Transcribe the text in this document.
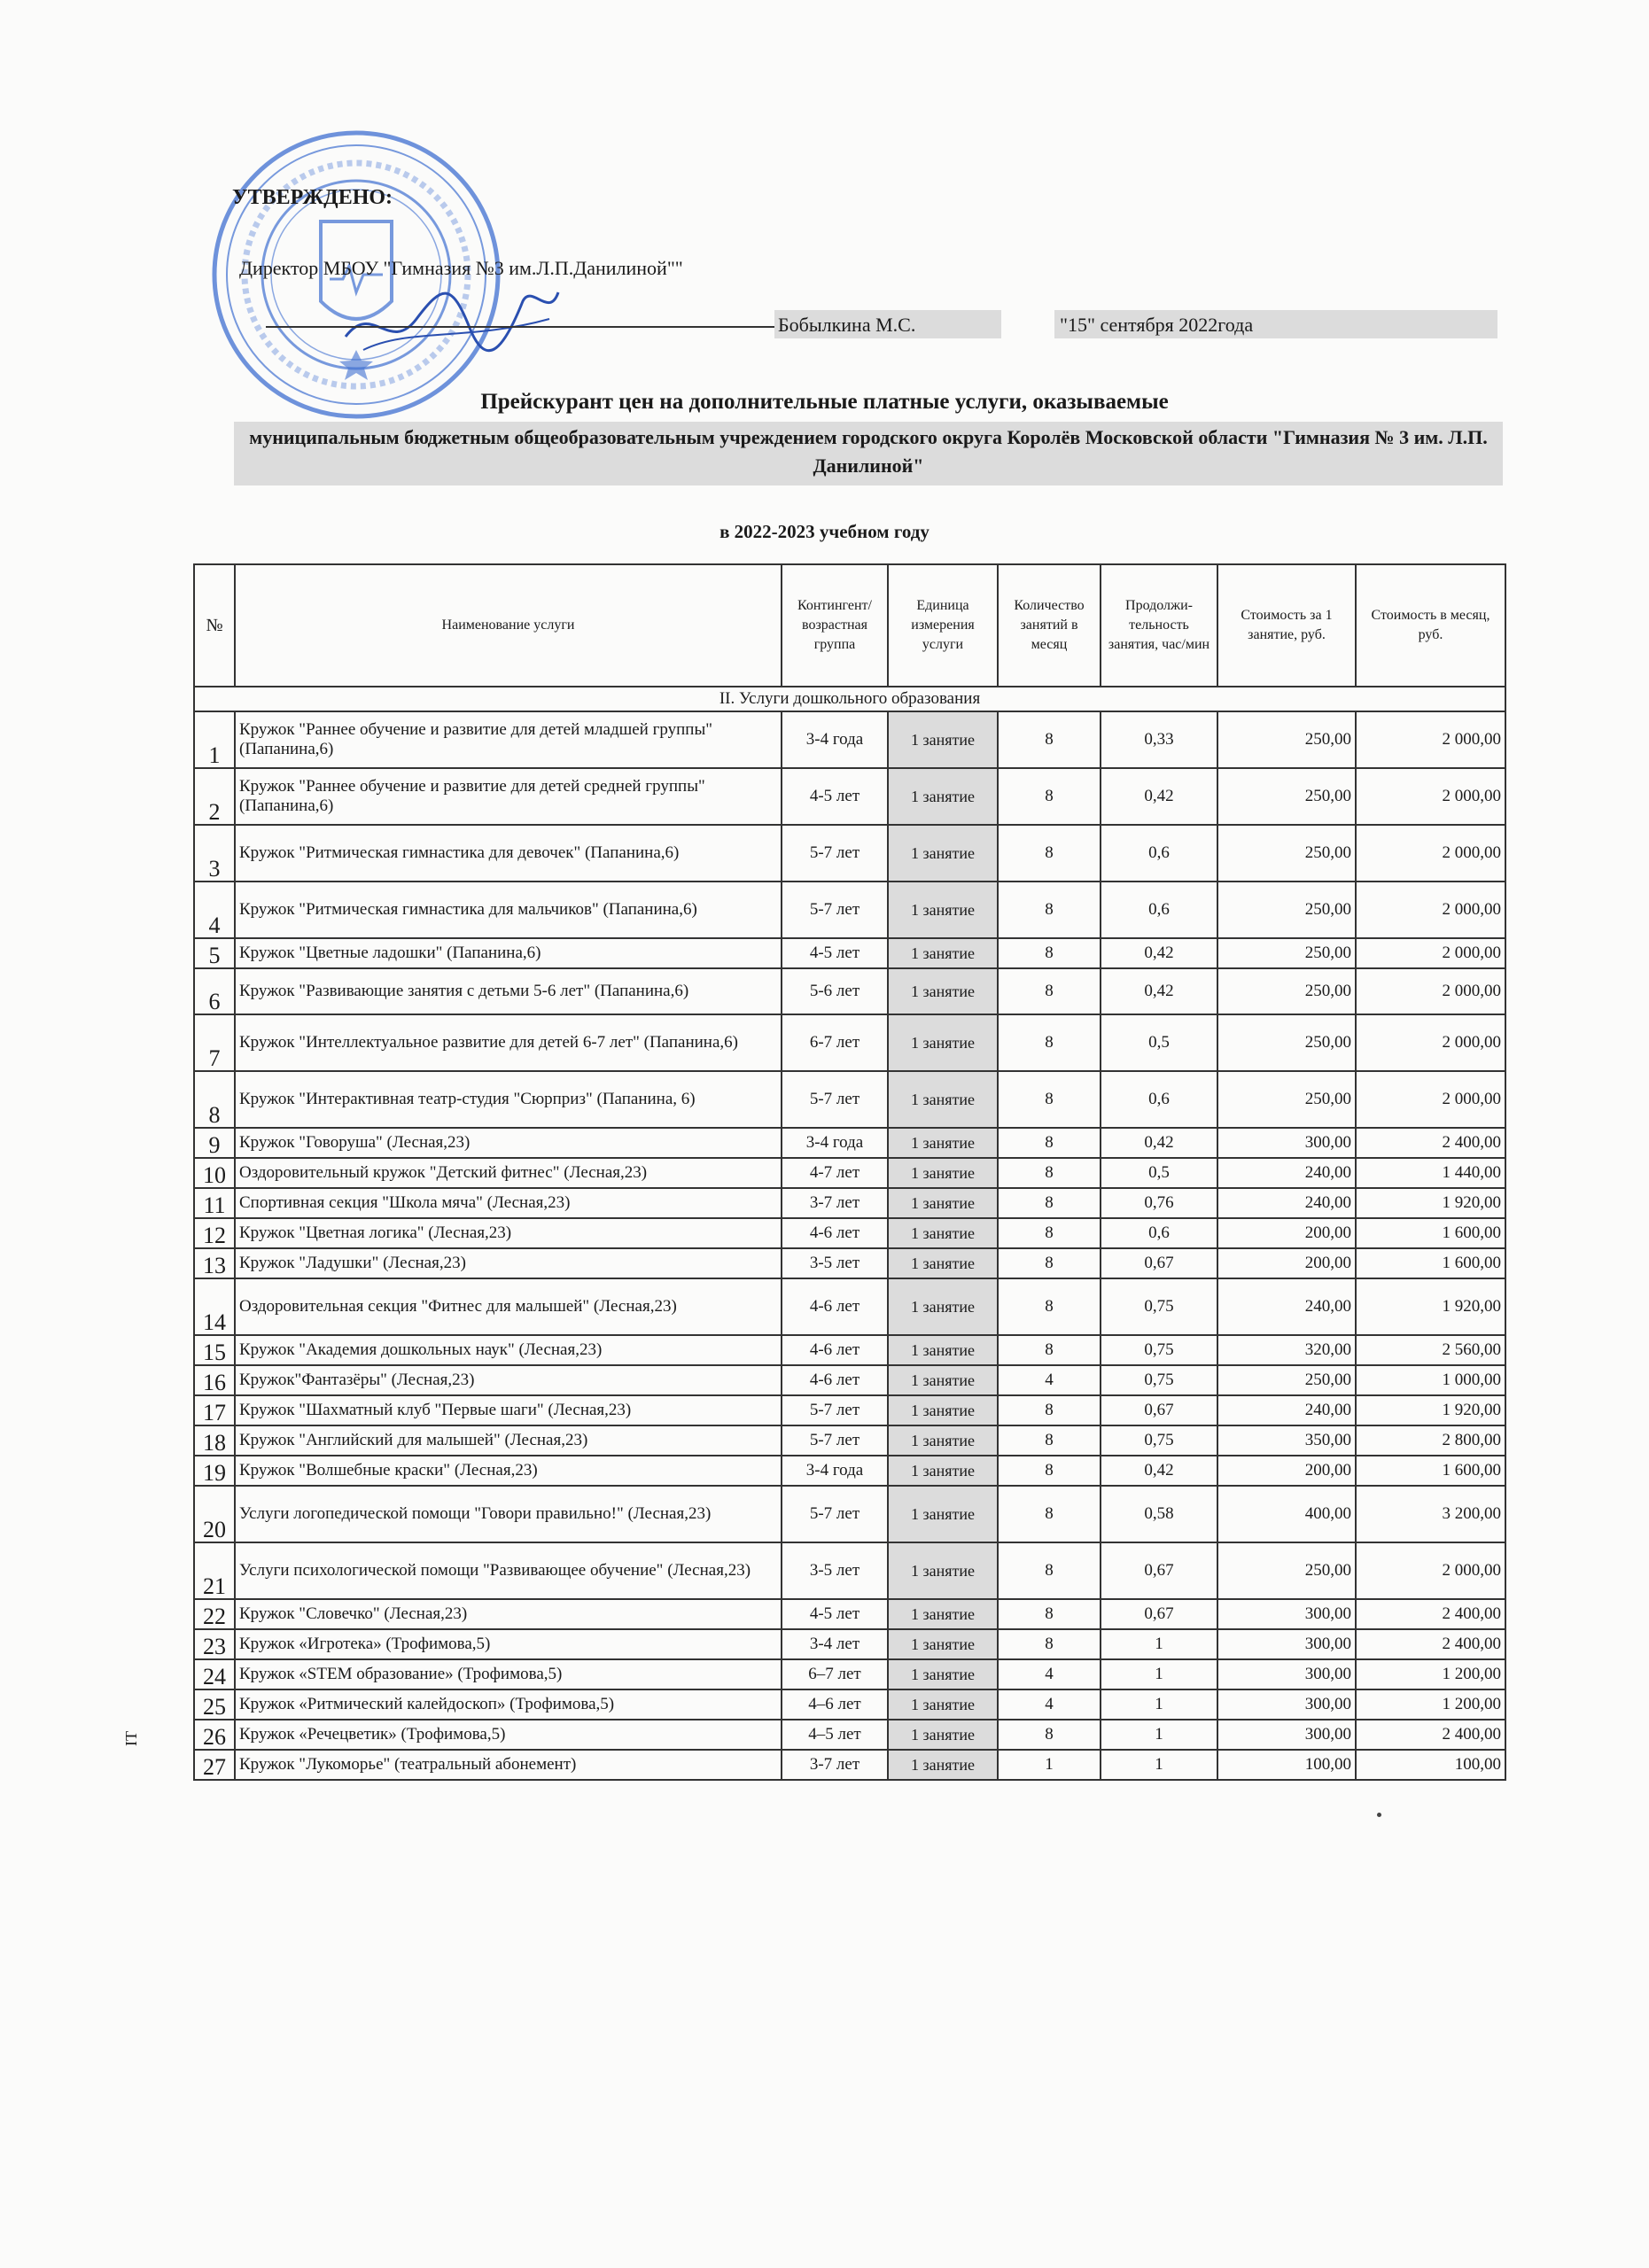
УТВЕРЖДЕНО:
Директор МБОУ "Гимназия №3 им.Л.П.Данилиной""
Бобылкина М.С.	"15" сентября 2022года
Прейскурант цен на дополнительные платные услуги, оказываемые
муниципальным бюджетным общеобразовательным учреждением городского округа Королёв Московской области "Гимназия № 3 им. Л.П. Данилиной"
в 2022-2023 учебном году
№	Наименование услуги	Контингент/ возрастная группа	Единица измерения услуги	Количество занятий в месяц	Продолжи- тельность занятия, час/мин	Стоимость за 1 занятие, руб.	Стоимость в месяц, руб.
II. Услуги дошкольного образования							
1	Кружок "Раннее обучение и развитие для детей младшей группы" (Папанина,6)	3-4 года	1 занятие	8	0,33	250,00	2 000,00
2	Кружок "Раннее обучение и развитие для детей средней группы" (Папанина,6)	4-5 лет	1 занятие	8	0,42	250,00	2 000,00
3	Кружок "Ритмическая гимнастика для девочек" (Папанина,6)	5-7 лет	1 занятие	8	0,6	250,00	2 000,00
4	Кружок "Ритмическая гимнастика для мальчиков" (Папанина,6)	5-7 лет	1 занятие	8	0,6	250,00	2 000,00
5	Кружок "Цветные ладошки" (Папанина,6)	4-5 лет	1 занятие	8	0,42	250,00	2 000,00
6	Кружок "Развивающие занятия с детьми 5-6 лет" (Папанина,6)	5-6 лет	1 занятие	8	0,42	250,00	2 000,00
7	Кружок "Интеллектуальное развитие для детей 6-7 лет" (Папанина,6)	6-7 лет	1 занятие	8	0,5	250,00	2 000,00
8	Кружок "Интерактивная театр-студия "Сюрприз" (Папанина, 6)	5-7 лет	1 занятие	8	0,6	250,00	2 000,00
9	Кружок "Говоруша" (Лесная,23)	3-4 года	1 занятие	8	0,42	300,00	2 400,00
10	Оздоровительный кружок "Детский фитнес" (Лесная,23)	4-7 лет	1 занятие	8	0,5	240,00	1 440,00
11	Спортивная секция "Школа мяча" (Лесная,23)	3-7 лет	1 занятие	8	0,76	240,00	1 920,00
12	Кружок "Цветная логика" (Лесная,23)	4-6 лет	1 занятие	8	0,6	200,00	1 600,00
13	Кружок "Ладушки" (Лесная,23)	3-5 лет	1 занятие	8	0,67	200,00	1 600,00
14	Оздоровительная секция "Фитнес для малышей" (Лесная,23)	4-6 лет	1 занятие	8	0,75	240,00	1 920,00
15	Кружок "Академия дошкольных наук" (Лесная,23)	4-6 лет	1 занятие	8	0,75	320,00	2 560,00
16	Кружок"Фантазёры" (Лесная,23)	4-6 лет	1 занятие	4	0,75	250,00	1 000,00
17	Кружок "Шахматный клуб "Первые шаги" (Лесная,23)	5-7 лет	1 занятие	8	0,67	240,00	1 920,00
18	Кружок "Английский для малышей" (Лесная,23)	5-7 лет	1 занятие	8	0,75	350,00	2 800,00
19	Кружок "Волшебные краски" (Лесная,23)	3-4 года	1 занятие	8	0,42	200,00	1 600,00
20	Услуги логопедической помощи "Говори правильно!" (Лесная,23)	5-7 лет	1 занятие	8	0,58	400,00	3 200,00
21	Услуги психологической помощи "Развивающее обучение" (Лесная,23)	3-5 лет	1 занятие	8	0,67	250,00	2 000,00
22	Кружок "Словечко" (Лесная,23)	4-5 лет	1 занятие	8	0,67	300,00	2 400,00
23	Кружок «Игротека» (Трофимова,5)	3-4 лет	1 занятие	8	1	300,00	2 400,00
24	Кружок «STEM образование» (Трофимова,5)	6–7 лет	1 занятие	4	1	300,00	1 200,00
25	Кружок «Ритмический калейдоскоп» (Трофимова,5)	4–6 лет	1 занятие	4	1	300,00	1 200,00
26	Кружок «Речецветик» (Трофимова,5)	4–5 лет	1 занятие	8	1	300,00	2 400,00
27	Кружок "Лукоморье" (театральный абонемент)	3-7 лет	1 занятие	1	1	100,00	100,00
IT
